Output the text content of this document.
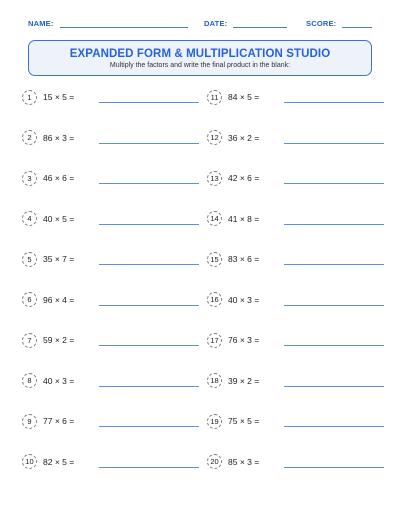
NAME:	DATE:	SCORE:
EXPANDED FORM & MULTIPLICATION STUDIO
Multiply the factors and write the final product in the blank:
1	15 × 5 =
2	86 × 3 =
3	46 × 6 =
4	40 × 5 =
5	35 × 7 =
6	96 × 4 =
7	59 × 2 =
8	40 × 3 =
9	77 × 6 =
10	82 × 5 =
11	84 × 5 =
12	36 × 2 =
13	42 × 6 =
14	41 × 8 =
15	83 × 6 =
16	40 × 3 =
17	76 × 3 =
18	39 × 2 =
19	75 × 5 =
20	85 × 3 =
